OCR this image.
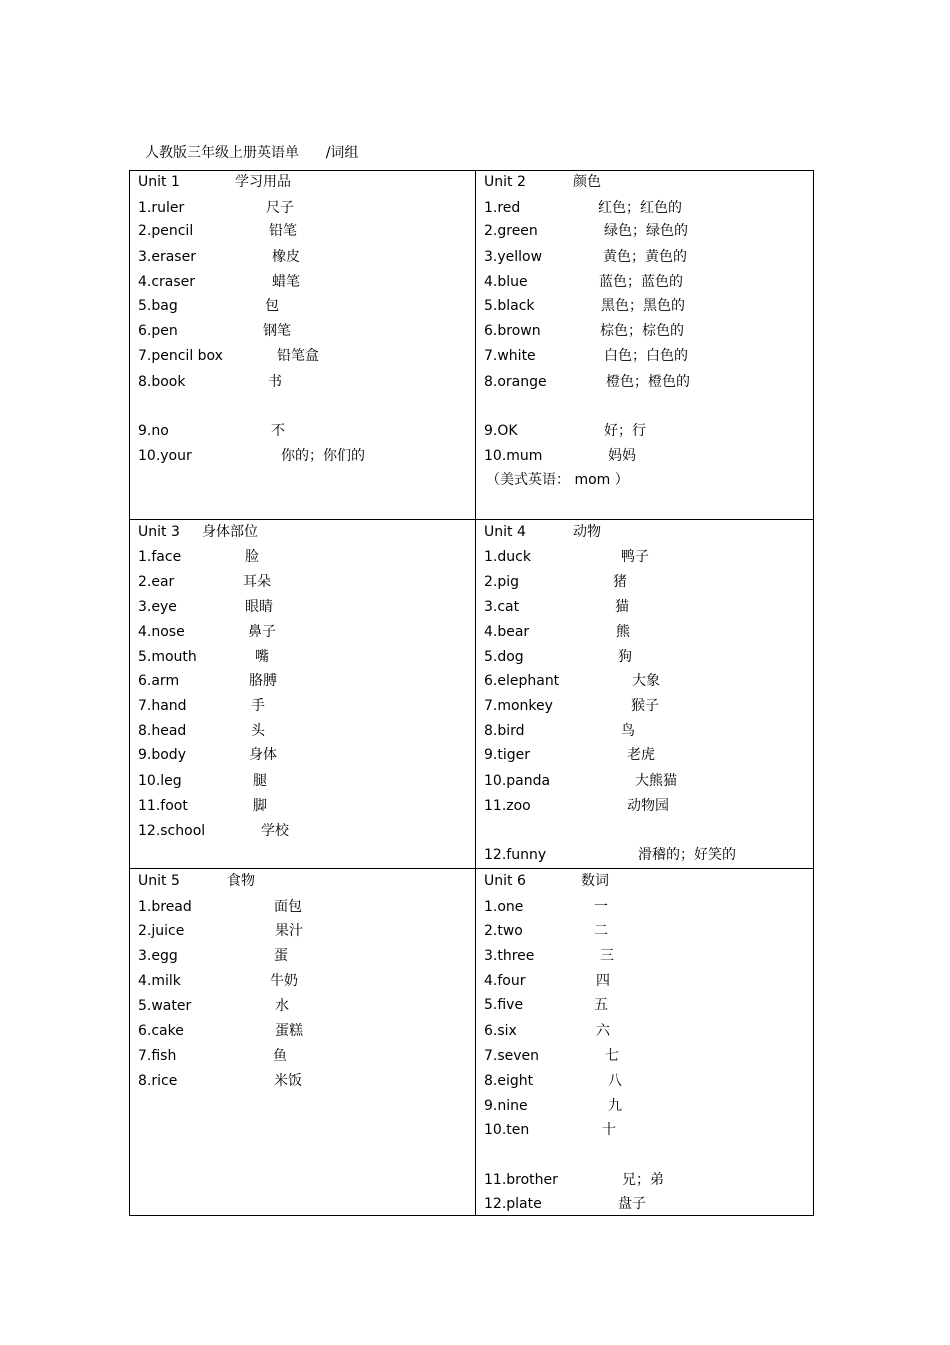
人教版三年级上册英语单      /词组
Unit 1	学习用品
1.ruler	尺子
2.pencil	铅笔
3.eraser	橡皮
4.craser	蜡笔
5.bag	包
6.pen	钢笔
7.pencil box	铅笔盒
8.book	书
9.no	不
10.your	你的；你们的
Unit 2	颜色
1.red	红色；红色的
2.green	绿色；绿色的
3.yellow	黄色；黄色的
4.blue	蓝色；蓝色的
5.black	黑色；黑色的
6.brown	棕色；棕色的
7.white	白色；白色的
8.orange	橙色；橙色的
9.OK	好；行
10.mum	妈妈
（美式英语： mom ）
Unit 3 身体部位
1.face	脸
2.ear	耳朵
3.eye	眼睛
4.nose	鼻子
5.mouth	嘴
6.arm	胳膊
7.hand	手
8.head	头
9.body	身体
10.leg	腿
11.foot	脚
12.school	学校
Unit 4	动物
1.duck	鸭子
2.pig	猪
3.cat	猫
4.bear	熊
5.dog	狗
6.elephant	大象
7.monkey	猴子
8.bird	鸟
9.tiger	老虎
10.panda	大熊猫
11.zoo	动物园
12.funny	滑稽的；好笑的
Unit 5	食物
1.bread	面包
2.juice	果汁
3.egg	蛋
4.milk	牛奶
5.water	水
6.cake	蛋糕
7.fish	鱼
8.rice	米饭
Unit 6	数词
1.one	一
2.two	二
3.three	三
4.four	四
5.five	五
6.six	六
7.seven	七
8.eight	八
9.nine	九
10.ten	十
11.brother	兄；弟
12.plate	盘子
